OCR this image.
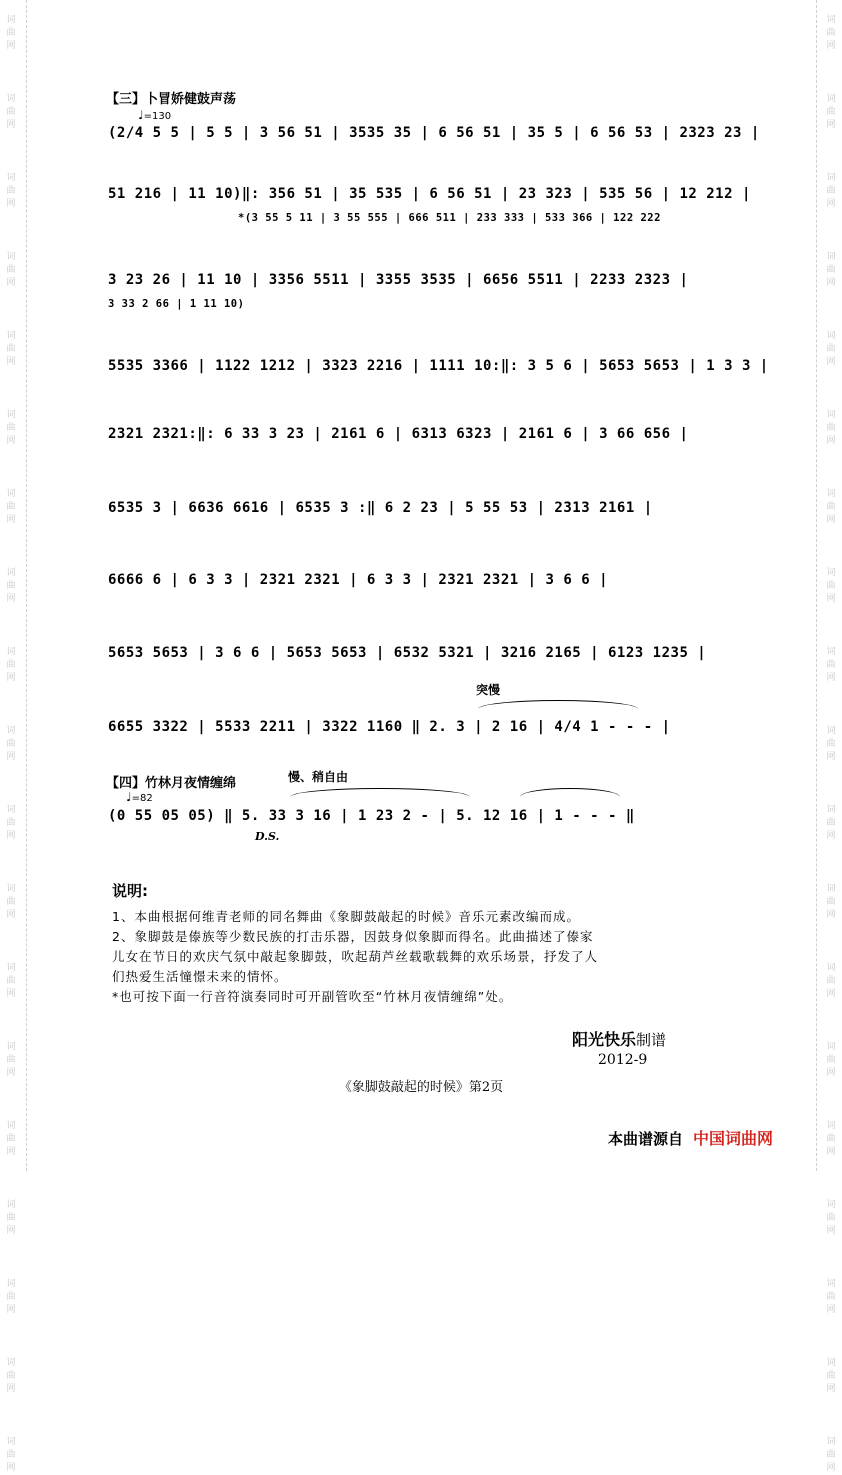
词曲网
词曲网
词曲网
词曲网
词曲网
词曲网
词曲网
词曲网
词曲网
词曲网
词曲网
词曲网
词曲网
词曲网
词曲网
词曲网
词曲网
词曲网
词曲网
词曲网
词曲网
词曲网
词曲网
词曲网
词曲网
词曲网
词曲网
词曲网
词曲网
词曲网
词曲网
词曲网
词曲网
词曲网
词曲网
词曲网
词曲网
词曲网
【三】卜冒娇健鼓声荡
♩=130
(2/4 5 5 | 5 5 | 3 56 51 | 3535 35 | 6 56 51 | 35 5 | 6 56 53 | 2323 23 |
51 216 | 11 10)‖: 356 51 | 35 535 | 6 56 51 | 23 323 | 535 56 | 12 212 |
*(3 55 5 11 | 3 55 555 | 666 511 | 233 333 | 533 366 | 122 222
3 23 26 | 11 10 | 3356 5511 | 3355 3535 | 6656 5511 | 2233 2323 |
3 33 2 66 | 1 11 10)
5535 3366 | 1122 1212 | 3323 2216 | 1111 10:‖: 3 5 6 | 5653 5653 | 1 3 3 |
2321 2321:‖: 6 33 3 23 | 2161 6 | 6313 6323 | 2161 6 | 3 66 656 |
6535 3 | 6636 6616 | 6535 3 :‖ 6 2 23 | 5 55 53 | 2313 2161 |
6666 6 | 6 3 3 | 2321 2321 | 6 3 3 | 2321 2321 | 3 6 6 |
5653 5653 | 3 6 6 | 5653 5653 | 6532 5321 | 3216 2165 | 6123 1235 |
突慢
6655 3322 | 5533 2211 | 3322 1160 ‖ 2. 3 | 2 16 | 4/4 1 - - - |
【四】竹林月夜情缠绵	慢、稍自由
♩=82
(0 55 05 05) ‖ 5. 33 3 16 | 1 23 2 - | 5. 12 16 | 1 - - - ‖
D.S.
说明:
1、本曲根据何维青老师的同名舞曲《象脚鼓敲起的时候》音乐元素改编而成。
2、象脚鼓是傣族等少数民族的打击乐器，因鼓身似象脚而得名。此曲描述了傣家
儿女在节日的欢庆气氛中敲起象脚鼓，吹起葫芦丝载歌载舞的欢乐场景，抒发了人
们热爱生活憧憬未来的情怀。
*也可按下面一行音符演奏同时可开副管吹至“竹林月夜情缠绵”处。
阳光快乐制谱
2012-9
《象脚鼓敲起的时候》第2页
本曲谱源自 中国词曲网
